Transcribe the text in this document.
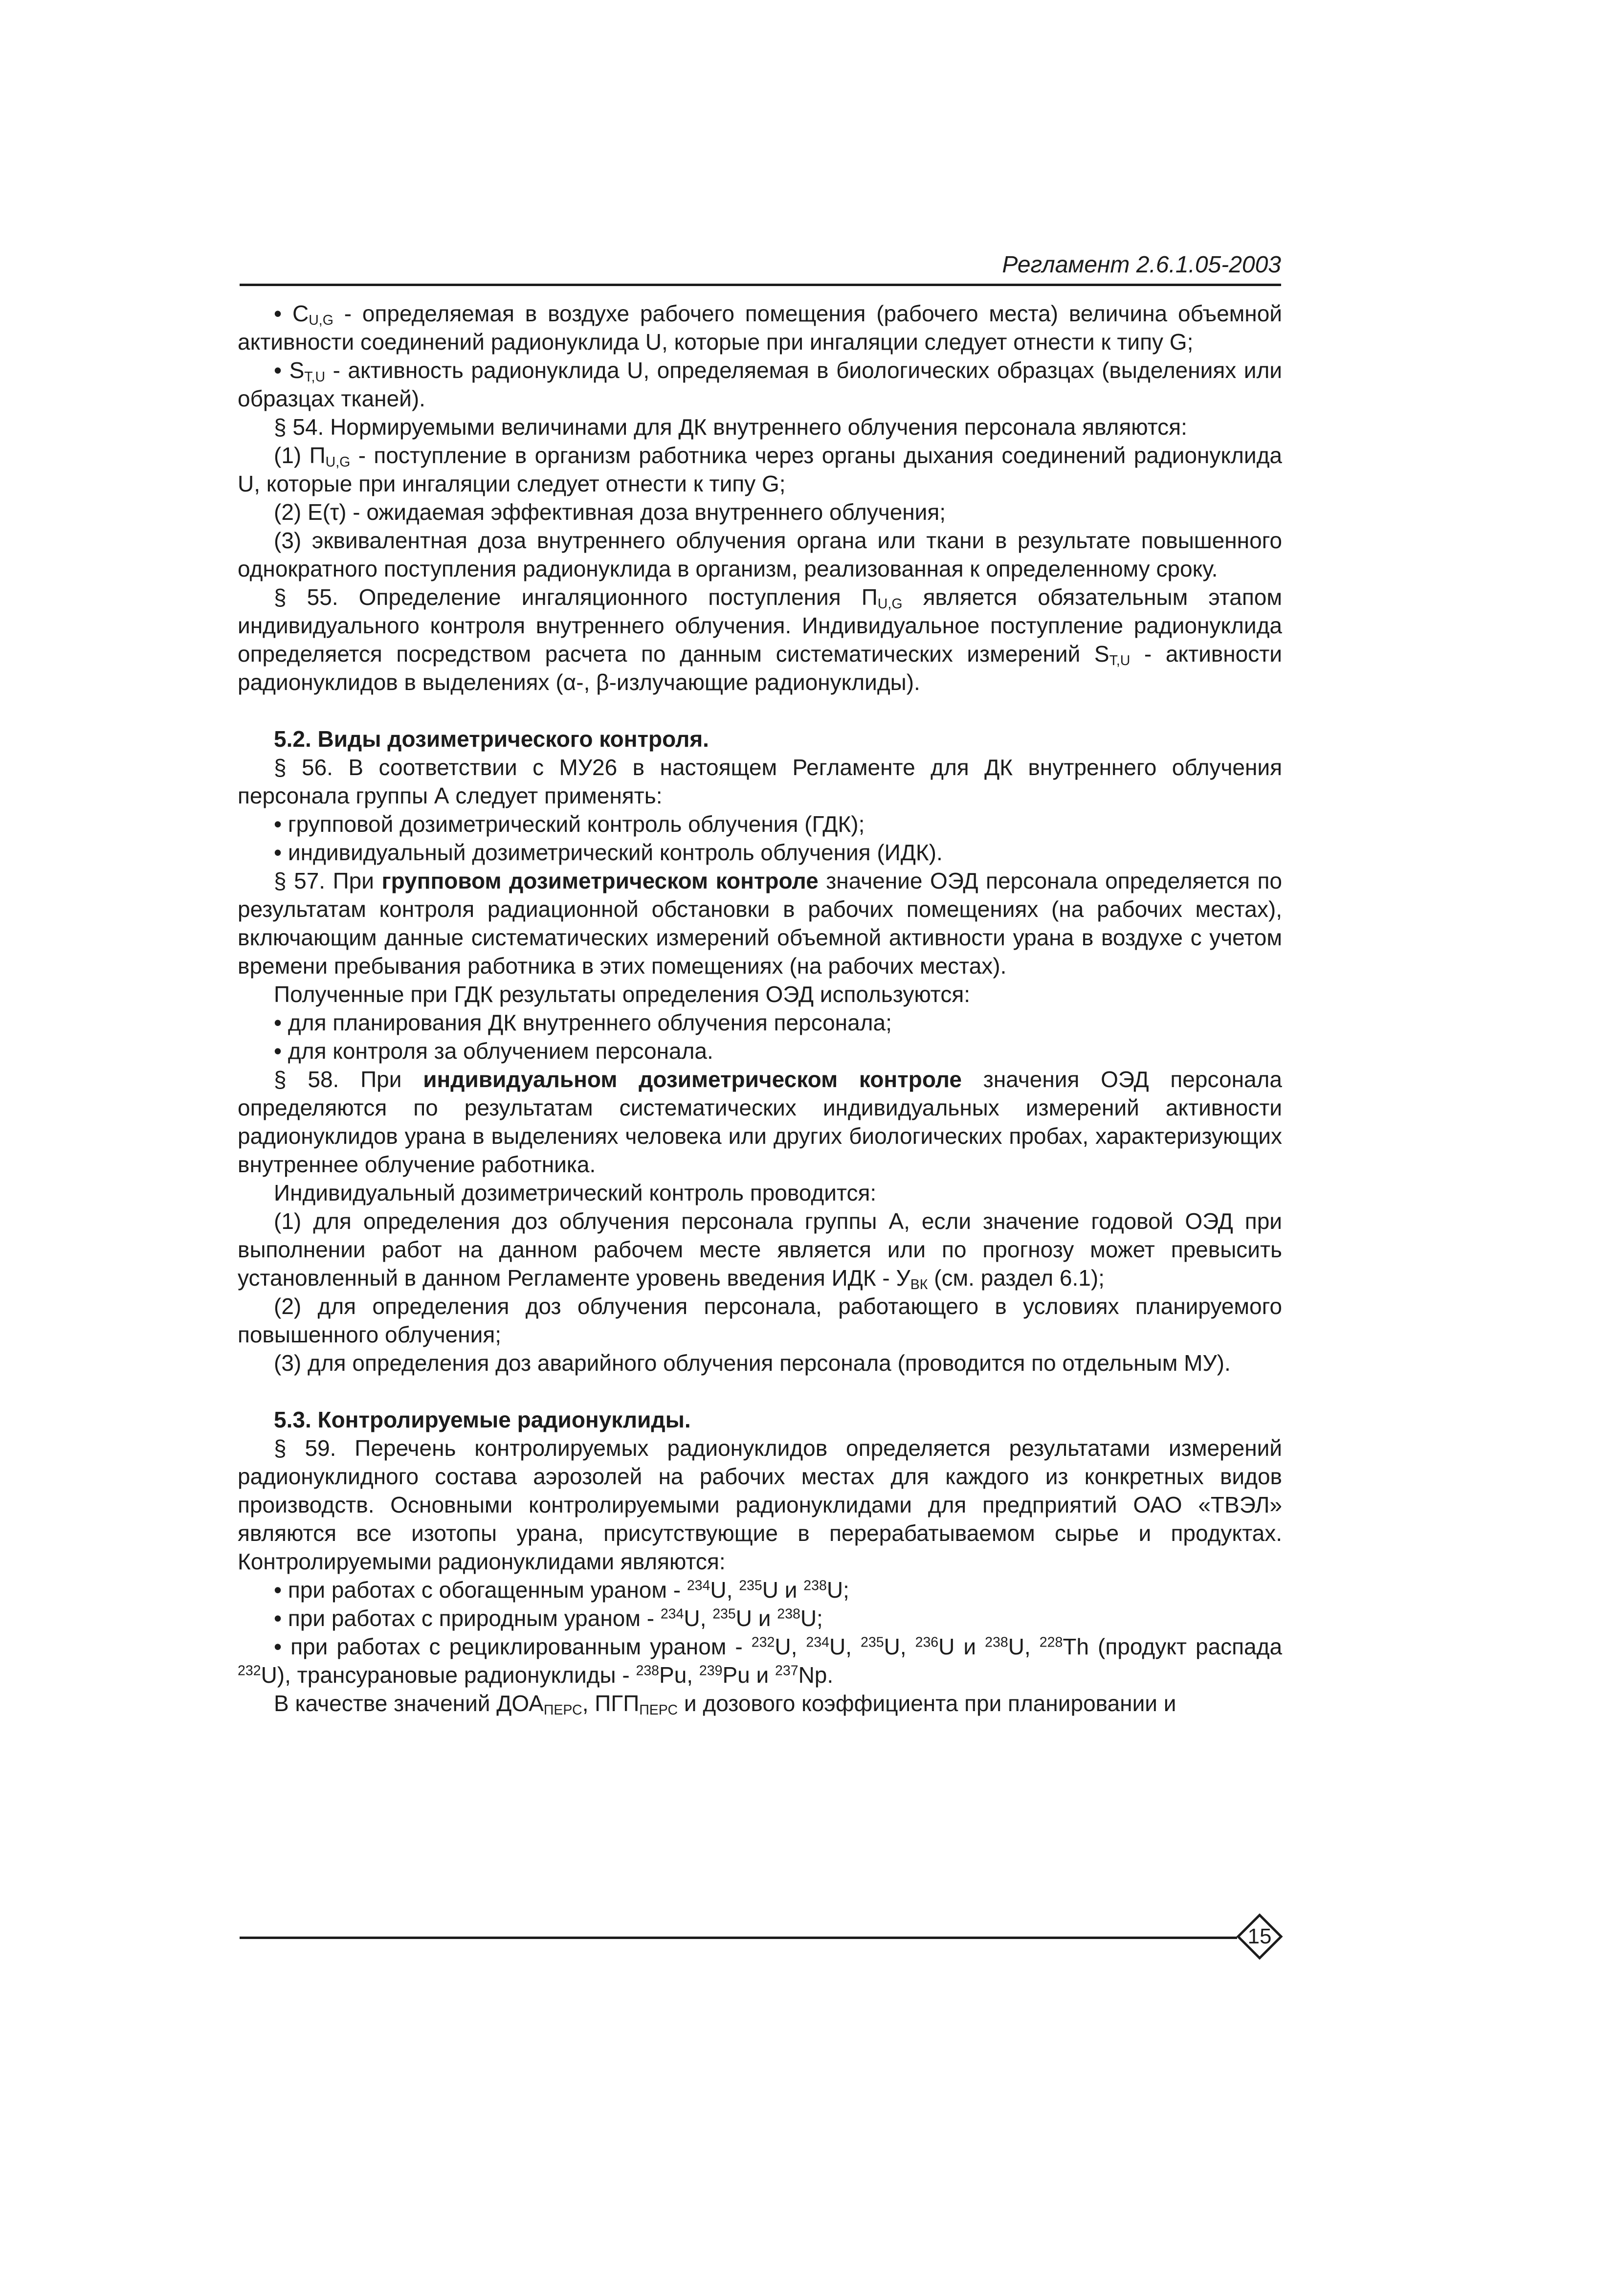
Регламент 2.6.1.05-2003

• $C_{U,G}$ - определяемая в воздухе рабочего помещения (рабочего места) величина объемной активности соединений радионуклида U, которые при ингаляции следует отнести к типу G;

• $S_{T,U}$ - активность радионуклида U, определяемая в биологических образцах (выделениях или образцах тканей).

§ 54. Нормируемыми величинами для ДК внутреннего облучения персонала являются:

(1) $П_{U,G}$ - поступление в организм работника через органы дыхания соединений радионуклида U, которые при ингаляции следует отнести к типу G;

(2) E(τ) - ожидаемая эффективная доза внутреннего облучения;

(3) эквивалентная доза внутреннего облучения органа или ткани в результате повышенного однократного поступления радионуклида в организм, реализованная к определенному сроку.

§ 55. Определение ингаляционного поступления $П_{U,G}$ является обязательным этапом индивидуального контроля внутреннего облучения. Индивидуальное поступление радионуклида определяется посредством расчета по данным систематических измерений $S_{T,U}$ - активности радионуклидов в выделениях (α-, β-излучающие радионуклиды).

5.2. Виды дозиметрического контроля.

§ 56. В соответствии с МУ26 в настоящем Регламенте для ДК внутреннего облучения персонала группы А следует применять:

• групповой дозиметрический контроль облучения (ГДК);

• индивидуальный дозиметрический контроль облучения (ИДК).

§ 57. При групповом дозиметрическом контроле значение ОЭД персонала определяется по результатам контроля радиационной обстановки в рабочих помещениях (на рабочих местах), включающим данные систематических измерений объемной активности урана в воздухе с учетом времени пребывания работника в этих помещениях (на рабочих местах).

Полученные при ГДК результаты определения ОЭД используются:

• для планирования ДК внутреннего облучения персонала;

• для контроля за облучением персонала.

§ 58. При индивидуальном дозиметрическом контроле значения ОЭД персонала определяются по результатам систематических индивидуальных измерений активности радионуклидов урана в выделениях человека или других биологических пробах, характеризующих внутреннее облучение работника.

Индивидуальный дозиметрический контроль проводится:

(1) для определения доз облучения персонала группы А, если значение годовой ОЭД при выполнении работ на данном рабочем месте является или по прогнозу может превысить установленный в данном Регламенте уровень введения ИДК - $У_{ВК}$ (см. раздел 6.1);

(2) для определения доз облучения персонала, работающего в условиях планируемого повышенного облучения;

(3) для определения доз аварийного облучения персонала (проводится по отдельным МУ).

5.3. Контролируемые радионуклиды.

§ 59. Перечень контролируемых радионуклидов определяется результатами измерений радионуклидного состава аэрозолей на рабочих местах для каждого из конкретных видов производств. Основными контролируемыми радионуклидами для предприятий ОАО «ТВЭЛ» являются все изотопы урана, присутствующие в перерабатываемом сырье и продуктах. Контролируемыми радионуклидами являются:

• при работах с обогащенным ураном - $^{234}$U, $^{235}$U и $^{238}$U;

• при работах с природным ураном - $^{234}$U, $^{235}$U и $^{238}$U;

• при работах с рециклированным ураном - $^{232}$U, $^{234}$U, $^{235}$U, $^{236}$U и $^{238}$U, $^{228}$Th (продукт распада $^{232}$U), трансурановые радионуклиды - $^{238}$Pu, $^{239}$Pu и $^{237}$Np.

В качестве значений $ДОА_{ПЕРС}$, $ПГП_{ПЕРС}$ и дозового коэффициента при планировании и

15
